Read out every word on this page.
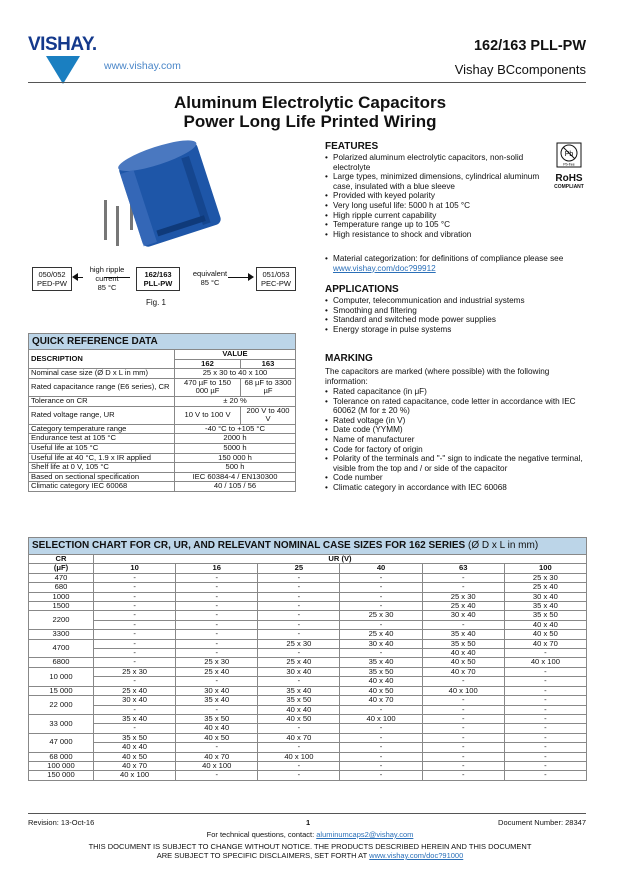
VISHAY.
www.vishay.com
162/163 PLL-PW
Vishay BCcomponents
Aluminum Electrolytic Capacitors
Power Long Life Printed Wiring
050/052
PED-PW
high ripple
current
85 °C
162/163
PLL-PW
equivalent
85 °C
051/053
PEC-PW
Fig. 1
Pb
Pb-free
RoHS
COMPLIANT
FEATURES
• Polarized aluminum electrolytic capacitors, non-solid electrolyte
• Large types, minimized dimensions, cylindrical aluminum case, insulated with a blue sleeve
• Provided with keyed polarity
• Very long useful life: 5000 h at 105 °C
• High ripple current capability
• Temperature range up to 105 °C
• High resistance to shock and vibration
• Material categorization: for definitions of compliance please see www.vishay.com/doc?99912
APPLICATIONS
• Computer, telecommunication and industrial systems
• Smoothing and filtering
• Standard and switched mode power supplies
• Energy storage in pulse systems
MARKING
The capacitors are marked (where possible) with the following information:
• Rated capacitance (in μF)
• Tolerance on rated capacitance, code letter in accordance with IEC 60062 (M for ± 20 %)
• Rated voltage (in V)
• Date code (YYMM)
• Name of manufacturer
• Code for factory of origin
• Polarity of the terminals and "-" sign to indicate the negative terminal, visible from the top and / or side of the capacitor
• Code number
• Climatic category in accordance with IEC 60068
QUICK REFERENCE DATA		
DESCRIPTION	VALUE	
	162	163
Nominal case size (Ø D x L in mm)	25 x 30 to 40 x 100	
Rated capacitance range (E6 series), CR	470 µF to 150 000 µF	68 µF to 3300 µF
Tolerance on CR	± 20 %	
Rated voltage range, UR	10 V to 100 V	200 V to 400 V
Category temperature range	-40 °C to +105 °C	
Endurance test at 105 °C	2000 h	
Useful life at 105 °C	5000 h	
Useful life at 40 °C, 1.9 x IR applied	150 000 h	
Shelf life at 0 V, 105 °C	500 h	
Based on sectional specification	IEC 60384-4 / EN130300	
Climatic category IEC 60068	40 / 105 / 56	
SELECTION CHART FOR CR, UR, AND RELEVANT NOMINAL CASE SIZES FOR 162 SERIES (Ø D x L in mm)						
CR	UR (V)					
(μF)	10	16	25	40	63	100
470	-	-	-	-	-	25 x 30
680	-	-	-	-	-	25 x 40
1000	-	-	-	-	25 x 30	30 x 40
1500	-	-	-	-	25 x 40	35 x 40
2200	-	-	-	25 x 30	30 x 40	35 x 50
	-	-	-	-	-	40 x 40
3300	-	-	-	25 x 40	35 x 40	40 x 50
4700	-	-	25 x 30	30 x 40	35 x 50	40 x 70
	-	-	-	-	40 x 40	-
6800	-	25 x 30	25 x 40	35 x 40	40 x 50	40 x 100
10 000	25 x 30	25 x 40	30 x 40	35 x 50	40 x 70	-
	-	-	-	40 x 40	-	-
15 000	25 x 40	30 x 40	35 x 40	40 x 50	40 x 100	-
22 000	30 x 40	35 x 40	35 x 50	40 x 70	-	-
	-	-	40 x 40	-	-	-
33 000	35 x 40	35 x 50	40 x 50	40 x 100	-	-
	-	40 x 40	-	-	-	-
47 000	35 x 50	40 x 50	40 x 70	-	-	-
	40 x 40	-	-	-	-	-
68 000	40 x 50	40 x 70	40 x 100	-	-	-
100 000	40 x 70	40 x 100	-	-	-	-
150 000	40 x 100	-	-	-	-	-
Revision: 13-Oct-16	1	Document Number: 28347
For technical questions, contact: aluminumcaps2@vishay.com
THIS DOCUMENT IS SUBJECT TO CHANGE WITHOUT NOTICE. THE PRODUCTS DESCRIBED HEREIN AND THIS DOCUMENT
ARE SUBJECT TO SPECIFIC DISCLAIMERS, SET FORTH AT www.vishay.com/doc?91000
